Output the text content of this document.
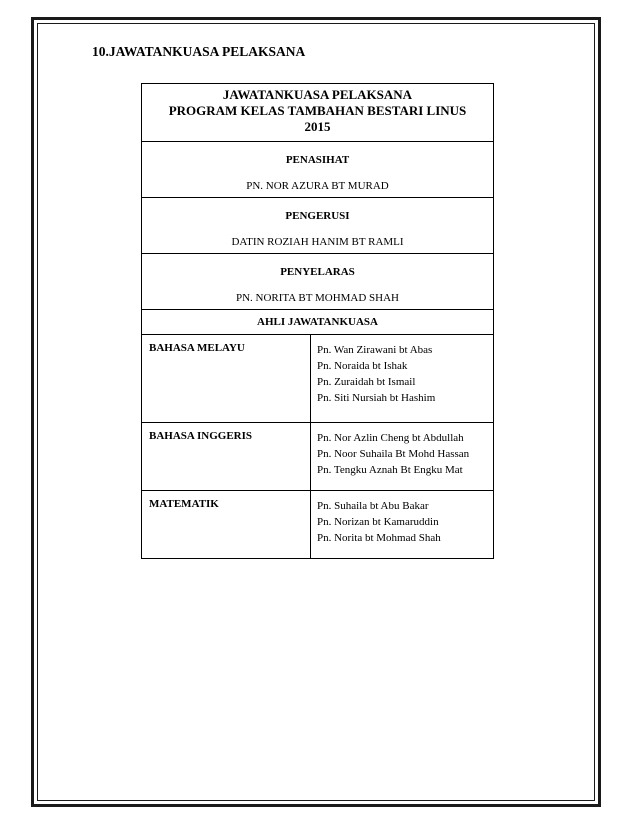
10.JAWATANKUASA PELAKSANA
JAWATANKUASA PELAKSANA
PROGRAM KELAS TAMBAHAN BESTARI LINUS
2015	

PENASIHAT
PN. NOR AZURA BT MURAD	

PENGERUSI
DATIN ROZIAH HANIM BT RAMLI	

PENYELARAS
PN. NORITA BT MOHMAD SHAH	

AHLI JAWATANKUASA	
BAHASA MELAYU	Pn. Wan Zirawani bt Abas
Pn. Noraida bt Ishak
Pn. Zuraidah bt Ismail
Pn. Siti Nursiah bt Hashim

BAHASA INGGERIS	Pn. Nor Azlin Cheng bt Abdullah
Pn. Noor Suhaila Bt Mohd Hassan
Pn. Tengku Aznah Bt Engku Mat

MATEMATIK	Pn. Suhaila bt Abu Bakar
Pn. Norizan bt Kamaruddin
Pn. Norita bt Mohmad Shah
